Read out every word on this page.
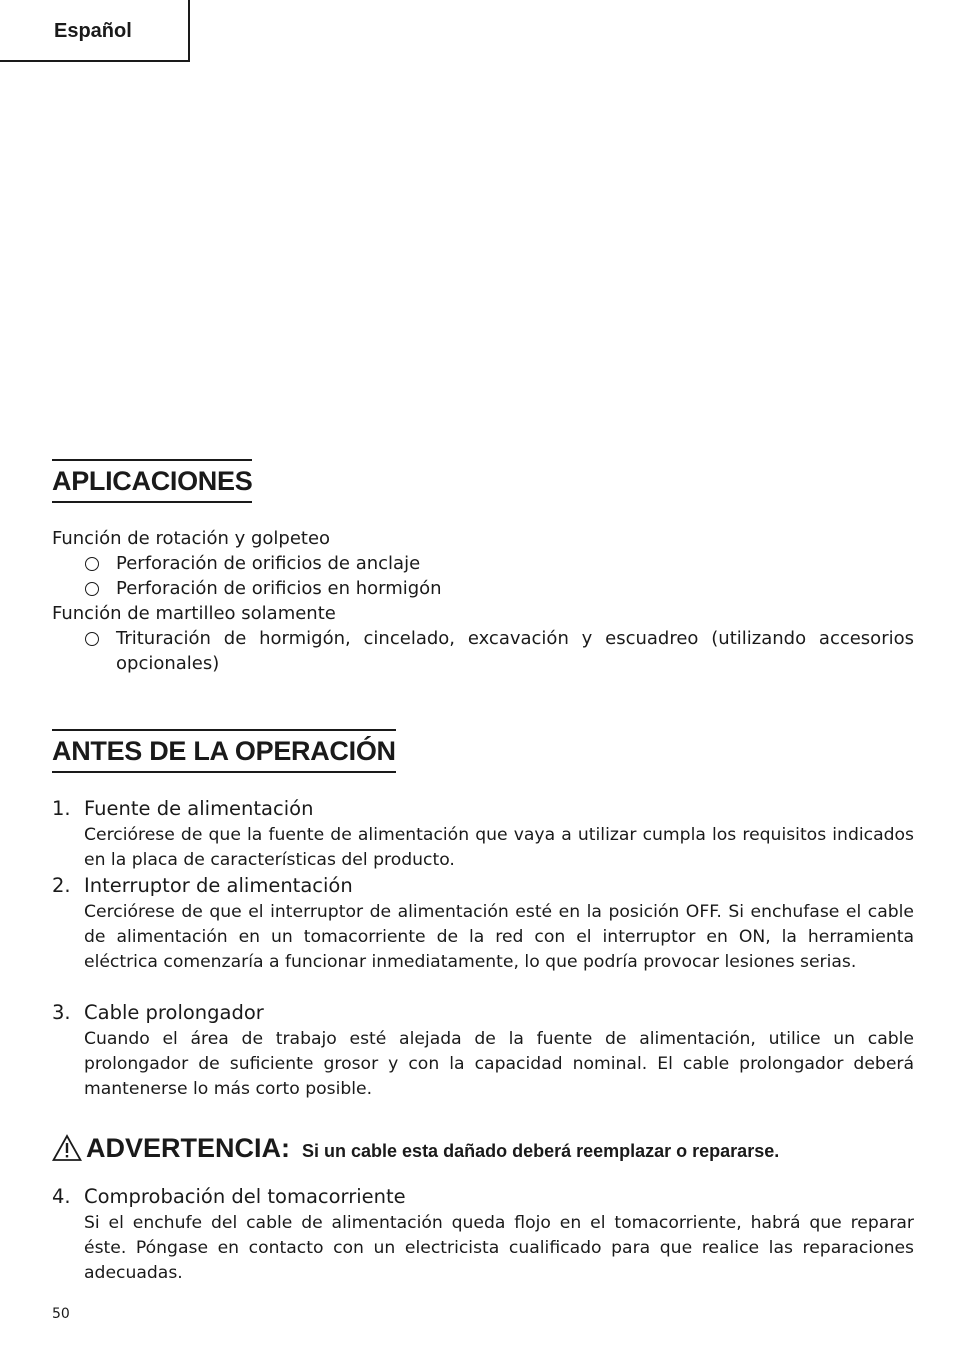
Español
APLICACIONES
Función de rotación y golpeteo
Perforación de orificios de anclaje
Perforación de orificios en hormigón
Función de martilleo solamente

Trituración de hormigón, cincelado, excavación y escuadreo (utilizando accesorios opcionales)

ANTES DE LA OPERACIÓN
1. Fuente de alimentación

Cerciórese de que la fuente de alimentación que vaya a utilizar cumpla los requisitos indicados en la placa de características del producto.

2. Interruptor de alimentación

Cerciórese de que el interruptor de alimentación esté en la posición OFF. Si enchufase el cable de alimentación en un tomacorriente de la red con el interruptor en ON, la herramienta eléctrica comenzaría a funcionar inmediatamente, lo que podría provocar lesiones serias.

3. Cable prolongador

Cuando el área de trabajo esté alejada de la fuente de alimentación, utilice un cable prolongador de suficiente grosor y con la capacidad nominal. El cable prolongador deberá mantenerse lo más corto posible.

ADVERTENCIA: Si un cable esta dañado deberá reemplazar o repararse.
4. Comprobación del tomacorriente

Si el enchufe del cable de alimentación queda flojo en el tomacorriente, habrá que reparar éste. Póngase en contacto con un electricista cualificado para que realice las reparaciones adecuadas.

50
